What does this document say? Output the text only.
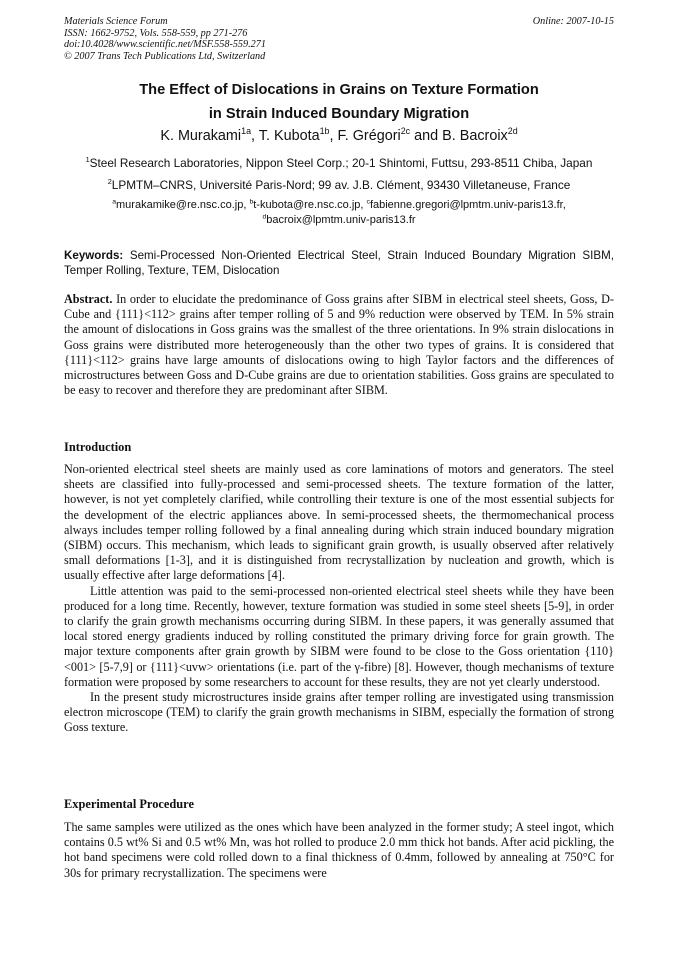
Materials Science Forum
ISSN: 1662-9752, Vols. 558-559, pp 271-276
doi:10.4028/www.scientific.net/MSF.558-559.271
© 2007 Trans Tech Publications Ltd, Switzerland
Online: 2007-10-15
The Effect of Dislocations in Grains on Texture Formation
in Strain Induced Boundary Migration
K. Murakami$^{1a}$, T. Kubota$^{1b}$, F. Grégori$^{2c}$ and B. Bacroix$^{2d}$
$^1$Steel Research Laboratories, Nippon Steel Corp.; 20-1 Shintomi, Futtsu, 293-8511 Chiba, Japan
$^2$LPMTM–CNRS, Université Paris-Nord; 99 av. J.B. Clément, 93430 Villetaneuse, France
$^a$murakamike@re.nsc.co.jp, $^b$t-kubota@re.nsc.co.jp, $^c$fabienne.gregori@lpmtm.univ-paris13.fr,
$^d$bacroix@lpmtm.univ-paris13.fr
Keywords: Semi-Processed Non-Oriented Electrical Steel, Strain Induced Boundary Migration SIBM, Temper Rolling, Texture, TEM, Dislocation
Abstract. In order to elucidate the predominance of Goss grains after SIBM in electrical steel sheets, Goss, D-Cube and {111}<112> grains after temper rolling of 5 and 9% reduction were observed by TEM. In 5% strain the amount of dislocations in Goss grains was the smallest of the three orientations. In 9% strain dislocations in Goss grains were distributed more heterogeneously than the other two types of grains. It is considered that {111}<112> grains have large amounts of dislocations owing to high Taylor factors and the differences of microstructures between Goss and D-Cube grains are due to orientation stabilities. Goss grains are speculated to be easy to recover and therefore they are predominant after SIBM.
Introduction

Non-oriented electrical steel sheets are mainly used as core laminations of motors and generators. The steel sheets are classified into fully-processed and semi-processed sheets. The texture formation of the latter, however, is not yet completely clarified, while controlling their texture is one of the most essential subjects for the development of the electric appliances above. In semi-processed sheets, the thermomechanical process always includes temper rolling followed by a final annealing during which strain induced boundary migration (SIBM) occurs. This mechanism, which leads to significant grain growth, is usually observed after relatively small deformations [1-3], and it is distinguished from recrystallization by nucleation and growth, which is usually effective after large deformations [4].

Little attention was paid to the semi-processed non-oriented electrical steel sheets while they have been produced for a long time. Recently, however, texture formation was studied in some steel sheets [5-9], in order to clarify the grain growth mechanisms occurring during SIBM. In these papers, it was generally assumed that local stored energy gradients induced by rolling constituted the primary driving force for grain growth. The major texture components after grain growth by SIBM were found to be close to the Goss orientation {110}<001> [5-7,9] or {111}<uvw> orientations (i.e. part of the γ-fibre) [8]. However, though mechanisms of texture formation were proposed by some researchers to account for these results, they are not yet clearly understood.

In the present study microstructures inside grains after temper rolling are investigated using transmission electron microscope (TEM) to clarify the grain growth mechanisms in SIBM, especially the formation of strong Goss texture.

Experimental Procedure
The same samples were utilized as the ones which have been analyzed in the former study; A steel ingot, which contains 0.5 wt% Si and 0.5 wt% Mn, was hot rolled to produce 2.0 mm thick hot bands. After acid pickling, the hot band specimens were cold rolled down to a final thickness of 0.4mm, followed by annealing at 750°C for 30s for primary recrystallization. The specimens were
